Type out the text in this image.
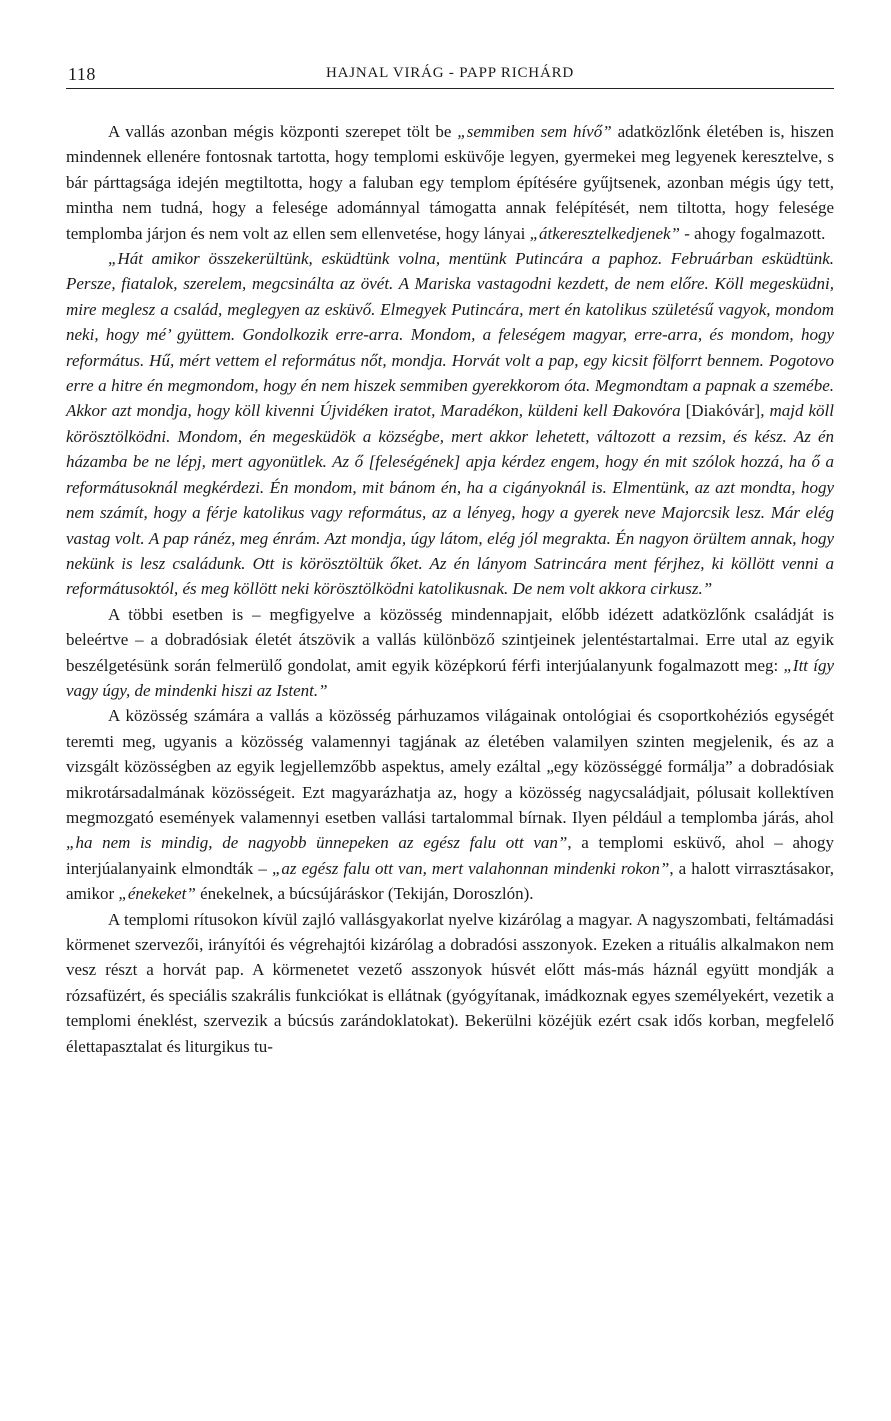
118	HAJNAL VIRÁG - PAPP RICHÁRD

A vallás azonban mégis központi szerepet tölt be „semmiben sem hívő” adatközlőnk életében is, hiszen mindennek ellenére fontosnak tartotta, hogy templomi esküvője legyen, gyermekei meg legyenek keresztelve, s bár párttagsága idején megtiltotta, hogy a faluban egy templom építésére gyűjtsenek, azonban mégis úgy tett, mintha nem tudná, hogy a felesége adománnyal támogatta annak felépítését, nem tiltotta, hogy felesége templomba járjon és nem volt az ellen sem ellenvetése, hogy lányai „átkeresztelkedjenek” - ahogy fogalmazott.

„Hát amikor összekerültünk, esküdtünk volna, mentünk Putincára a paphoz. Februárban esküdtünk. Persze, fiatalok, szerelem, megcsinálta az övét. A Mariska vastagodni kezdett, de nem előre. Köll megesküdni, mire meglesz a család, meglegyen az esküvő. Elmegyek Putincára, mert én katolikus születésű vagyok, mondom neki, hogy mé’ gyüttem. Gondolkozik erre-arra. Mondom, a feleségem magyar, erre-arra, és mondom, hogy református. Hű, mért vettem el református nőt, mondja. Horvát volt a pap, egy kicsit fölforrt bennem. Pogotovo erre a hitre én megmondom, hogy én nem hiszek semmiben gyerekkorom óta. Megmondtam a papnak a szemébe. Akkor azt mondja, hogy köll kivenni Újvidéken iratot, Maradékon, küldeni kell Đakovóra [Diakóvár], majd köll körösztölködni. Mondom, én megesküdök a községbe, mert akkor lehetett, változott a rezsim, és kész. Az én házamba be ne lépj, mert agyonütlek. Az ő [feleségének] apja kérdez engem, hogy én mit szólok hozzá, ha ő a reformátusoknál megkérdezi. Én mondom, mit bánom én, ha a cigányoknál is. Elmentünk, az azt mondta, hogy nem számít, hogy a férje katolikus vagy református, az a lényeg, hogy a gyerek neve Majorcsik lesz. Már elég vastag volt. A pap ránéz, meg énrám. Azt mondja, úgy látom, elég jól megrakta. Én nagyon örültem annak, hogy nekünk is lesz családunk. Ott is körösztöltük őket. Az én lányom Satrincára ment férjhez, ki köllött venni a reformátusoktól, és meg köllött neki körösztölködni katolikusnak. De nem volt akkora cirkusz.”

A többi esetben is – megfigyelve a közösség mindennapjait, előbb idézett adatközlőnk családját is beleértve – a dobradósiak életét átszövik a vallás különböző szintjeinek jelentéstartalmai. Erre utal az egyik beszélgetésünk során felmerülő gondolat, amit egyik középkorú férfi interjúalanyunk fogalmazott meg: „Itt így vagy úgy, de mindenki hiszi az Istent.”

A közösség számára a vallás a közösség párhuzamos világainak ontológiai és csoportkohéziós egységét teremti meg, ugyanis a közösség valamennyi tagjának az életében valamilyen szinten megjelenik, és az a vizsgált közösségben az egyik legjellemzőbb aspektus, amely ezáltal „egy közösséggé formálja” a dobradósiak mikrotársadalmának közösségeit. Ezt magyarázhatja az, hogy a közösség nagycsaládjait, pólusait kollektíven megmozgató események valamennyi esetben vallási tartalommal bírnak. Ilyen például a templomba járás, ahol „ha nem is mindig, de nagyobb ünnepeken az egész falu ott van”, a templomi esküvő, ahol – ahogy interjúalanyaink elmondták – „az egész falu ott van, mert valahonnan mindenki rokon”, a halott virrasztásakor, amikor „énekeket” énekelnek, a búcsújáráskor (Tekiján, Doroszlón).

A templomi rítusokon kívül zajló vallásgyakorlat nyelve kizárólag a magyar. A nagyszombati, feltámadási körmenet szervezői, irányítói és végrehajtói kizárólag a dobradósi asszonyok. Ezeken a rituális alkalmakon nem vesz részt a horvát pap. A körmenetet vezető asszonyok húsvét előtt más-más háznál együtt mondják a rózsafüzért, és speciális szakrális funkciókat is ellátnak (gyógyítanak, imádkoznak egyes személyekért, vezetik a templomi éneklést, szervezik a búcsús zarándoklatokat). Bekerülni közéjük ezért csak idős korban, megfelelő élettapasztalat és liturgikus tu-
